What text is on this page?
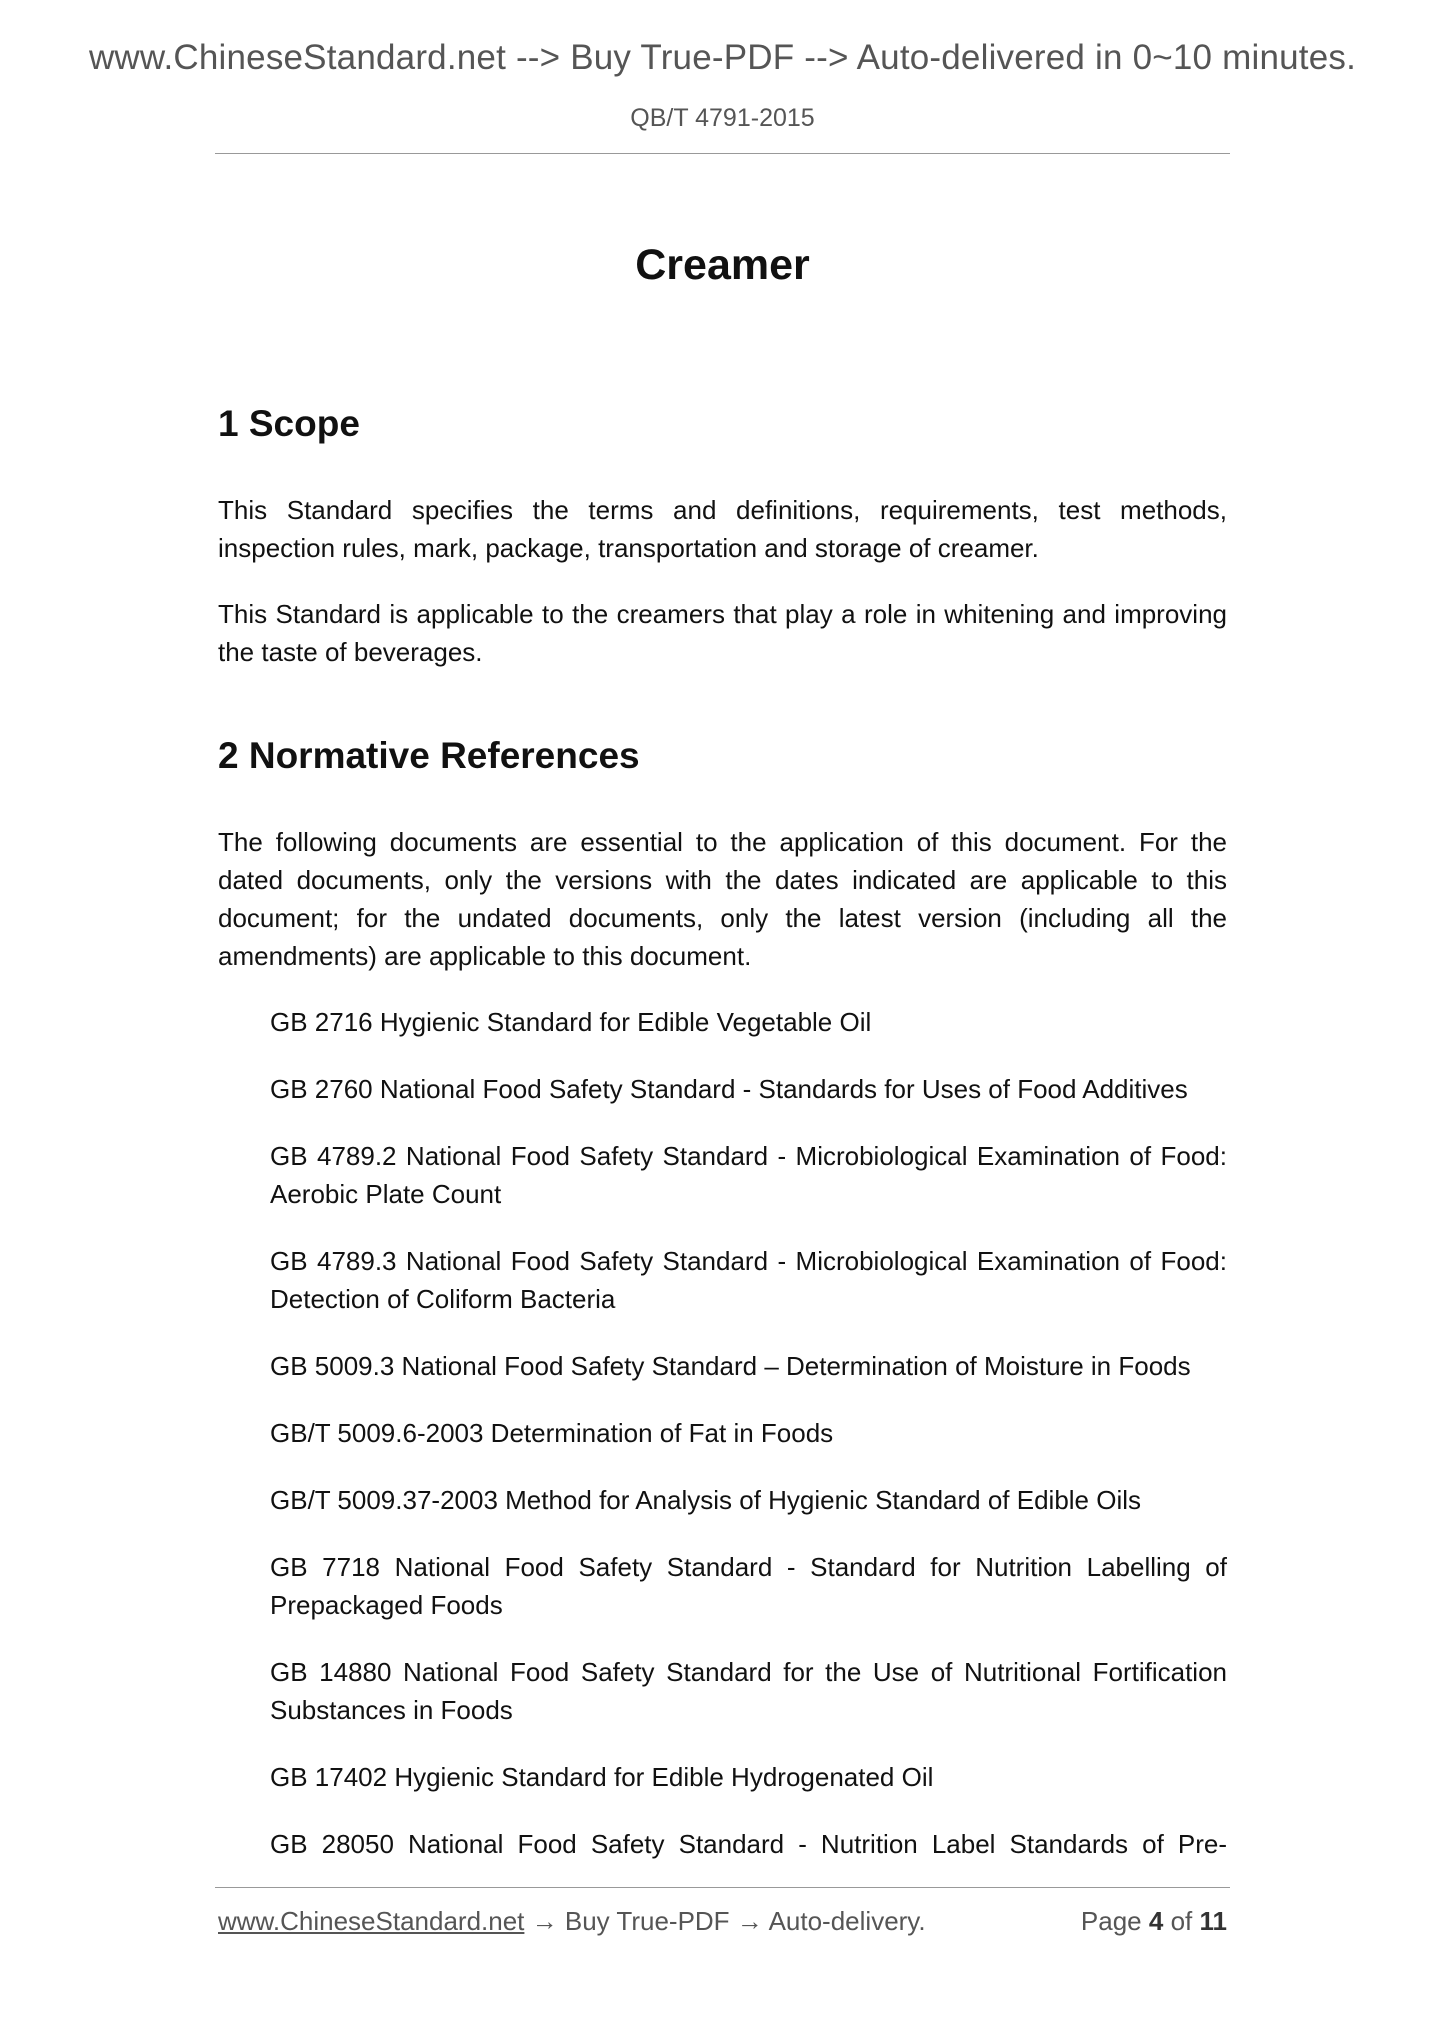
www.ChineseStandard.net --> Buy True-PDF --> Auto-delivered in 0~10 minutes.
QB/T 4791-2015
Creamer
1 Scope

This Standard specifies the terms and definitions, requirements, test methods, inspection rules, mark, package, transportation and storage of creamer.

This Standard is applicable to the creamers that play a role in whitening and improving the taste of beverages.

2 Normative References

The following documents are essential to the application of this document. For the dated documents, only the versions with the dates indicated are applicable to this document; for the undated documents, only the latest version (including all the amendments) are applicable to this document.

GB 2716 Hygienic Standard for Edible Vegetable Oil
GB 2760 National Food Safety Standard - Standards for Uses of Food Additives
GB 4789.2 National Food Safety Standard - Microbiological Examination of Food: Aerobic Plate Count
GB 4789.3 National Food Safety Standard - Microbiological Examination of Food: Detection of Coliform Bacteria
GB 5009.3 National Food Safety Standard – Determination of Moisture in Foods
GB/T 5009.6-2003 Determination of Fat in Foods
GB/T 5009.37-2003 Method for Analysis of Hygienic Standard of Edible Oils
GB 7718 National Food Safety Standard - Standard for Nutrition Labelling of Prepackaged Foods
GB 14880 National Food Safety Standard for the Use of Nutritional Fortification Substances in Foods
GB 17402 Hygienic Standard for Edible Hydrogenated Oil
GB 28050 National Food Safety Standard - Nutrition Label Standards of Pre-
www.ChineseStandard.net → Buy True-PDF → Auto-delivery.	Page 4 of 11
